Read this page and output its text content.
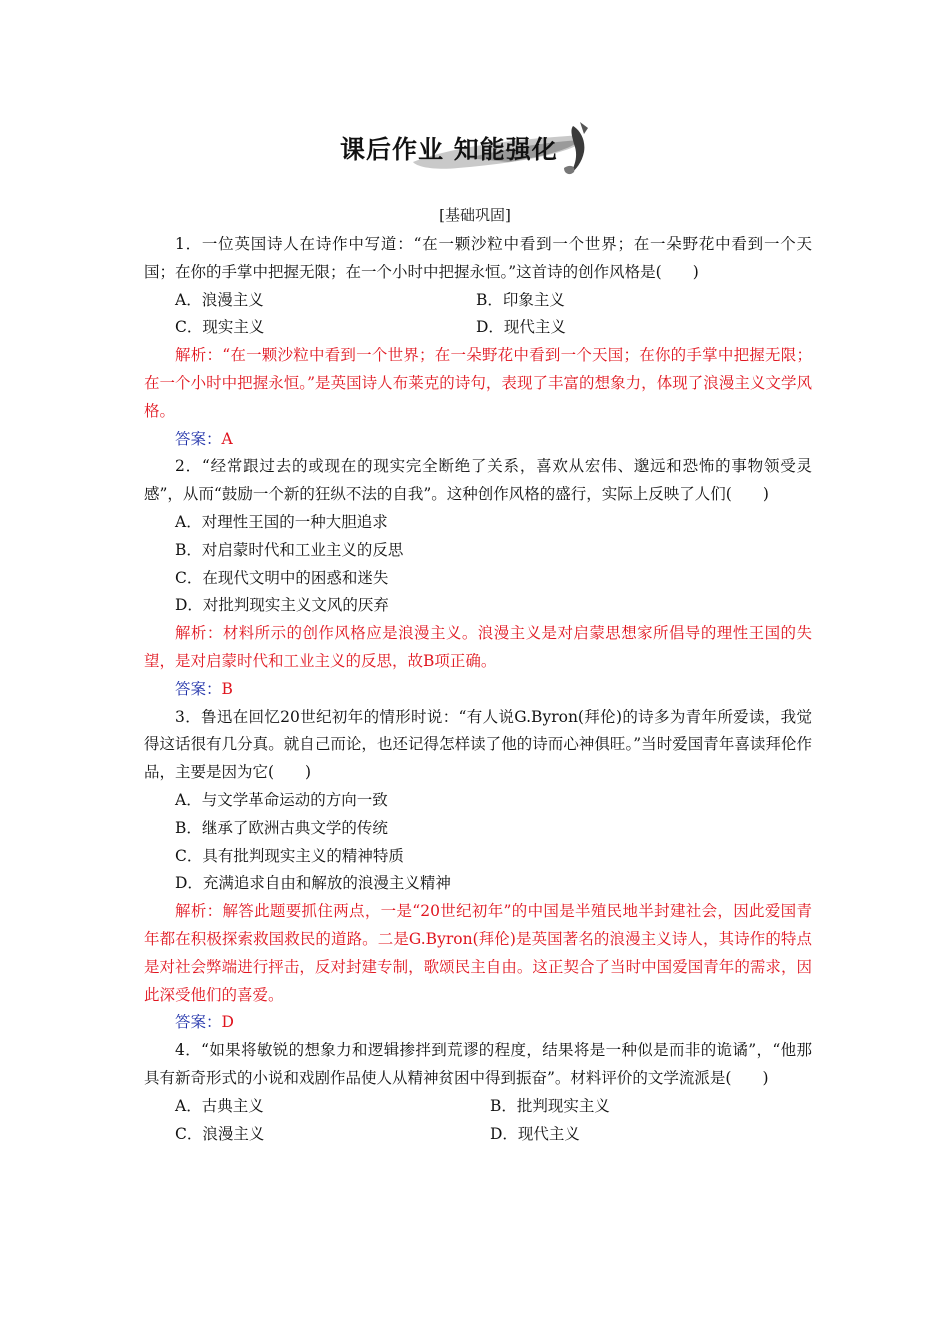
课后作业 知能强化
[基础巩固]

1．一位英国诗人在诗作中写道：“在一颗沙粒中看到一个世界；在一朵野花中看到一个天国；在你的手掌中把握无限；在一个小时中把握永恒。”这首诗的创作风格是(　　)

A．浪漫主义	B．印象主义

C．现实主义	D．现代主义

解析：“在一颗沙粒中看到一个世界；在一朵野花中看到一个天国；在你的手掌中把握无限；在一个小时中把握永恒。”是英国诗人布莱克的诗句，表现了丰富的想象力，体现了浪漫主义文学风格。

答案：A

2．“经常跟过去的或现在的现实完全断绝了关系，喜欢从宏伟、邈远和恐怖的事物领受灵感”，从而“鼓励一个新的狂纵不法的自我”。这种创作风格的盛行，实际上反映了人们(　　)

A．对理性王国的一种大胆追求

B．对启蒙时代和工业主义的反思

C．在现代文明中的困惑和迷失

D．对批判现实主义文风的厌弃

解析：材料所示的创作风格应是浪漫主义。浪漫主义是对启蒙思想家所倡导的理性王国的失望，是对启蒙时代和工业主义的反思，故B项正确。

答案：B

3．鲁迅在回忆20世纪初年的情形时说：“有人说G.Byron(拜伦)的诗多为青年所爱读，我觉得这话很有几分真。就自己而论，也还记得怎样读了他的诗而心神俱旺。”当时爱国青年喜读拜伦作品，主要是因为它(　　)

A．与文学革命运动的方向一致

B．继承了欧洲古典文学的传统

C．具有批判现实主义的精神特质

D．充满追求自由和解放的浪漫主义精神

解析：解答此题要抓住两点，一是“20世纪初年”的中国是半殖民地半封建社会，因此爱国青年都在积极探索救国救民的道路。二是G.Byron(拜伦)是英国著名的浪漫主义诗人，其诗作的特点是对社会弊端进行抨击，反对封建专制，歌颂民主自由。这正契合了当时中国爱国青年的需求，因此深受他们的喜爱。

答案：D

4．“如果将敏锐的想象力和逻辑掺拌到荒谬的程度，结果将是一种似是而非的诡谲”，“他那具有新奇形式的小说和戏剧作品使人从精神贫困中得到振奋”。材料评价的文学流派是(　　)

A．古典主义	B．批判现实主义

C．浪漫主义	D．现代主义
